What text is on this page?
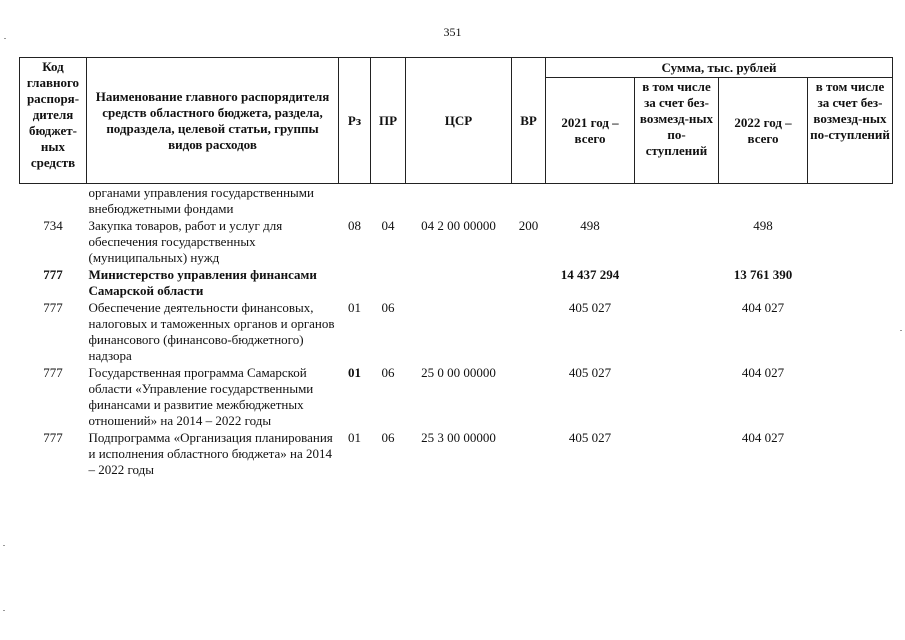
351
Код главного распоря-дителя бюджет-ных средств	Наименование главного распорядителя средств областного бюджета, раздела, подраздела, целевой статьи, группы видов расходов	Рз	ПР	ЦСР	ВР	Сумма, тыс. рублей			
						2021 год – всего	в том числе за счет без-возмезд-ных по-ступлений	2022 год – всего	в том числе за счет без-возмезд-ных по-ступлений
	органами управления государственными внебюджетными фондами								
734	Закупка товаров, работ и услуг для обеспечения государственных (муниципальных) нужд	08	04	04 2 00 00000	200	498		498	
777	Министерство управления финансами Самарской области					14 437 294		13 761 390	
777	Обеспечение деятельности финансовых, налоговых и таможенных органов и органов финансового (финансово-бюджетного) надзора	01	06			405 027		404 027	
777	Государственная программа Самарской области «Управление государственными финансами и развитие межбюджетных отношений» на 2014 – 2022 годы	01	06	25 0 00 00000		405 027		404 027	
777	Подпрограмма «Организация планирования и исполнения областного бюджета» на 2014 – 2022 годы	01	06	25 3 00 00000		405 027		404 027	
